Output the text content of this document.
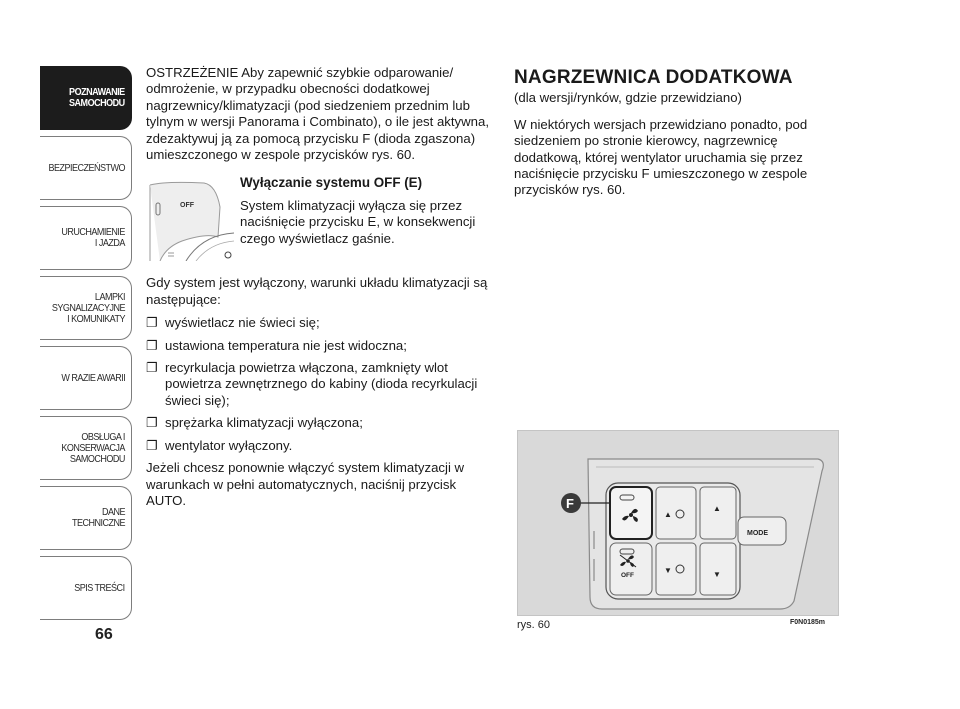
POZNAWANIE
SAMOCHODU
BEZPIECZEŃSTWO
URUCHAMIENIE
I JAZDA
LAMPKI
SYGNALIZACYJNE
I KOMUNIKATY
W RAZIE AWARII
OBSŁUGA I
KONSERWACJA
SAMOCHODU
DANE TECHNICZNE
SPIS TREŚCI
66

OSTRZEŻENIE Aby zapewnić szybkie odparowanie/ odmrożenie, w przypadku obecności dodatkowej nagrzewnicy/klimatyzacji (pod siedzeniem przednim lub tylnym w wersji Panorama i Combinato), o ile jest aktywna, zdezaktywuj ją za pomocą przycisku F (dioda zgaszona) umieszczonego w zespole przycisków rys. 60.

OFF
Wyłączanie systemu OFF (E)
System klimatyzacji wyłącza się przez naciśnięcie przycisku E, w konsekwencji czego wyświetlacz gaśnie.

Gdy system jest wyłączony, warunki układu klimatyzacji są następujące:

❐ wyświetlacz nie świeci się;

❐ ustawiona temperatura nie jest widoczna;

❐ recyrkulacja powietrza włączona, zamknięty wlot powietrza zewnętrznego do kabiny (dioda recyrkulacji świeci się);

❐ sprężarka klimatyzacji wyłączona;

❐ wentylator wyłączony.

Jeżeli chcesz ponownie włączyć system klimatyzacji w warunkach w pełni automatycznych, naciśnij przycisk AUTO.

NAGRZEWNICA DODATKOWA

(dla wersji/rynków, gdzie przewidziano)

W niektórych wersjach przewidziano ponadto, pod siedzeniem po stronie kierowcy, nagrzewnicę dodatkową, której wentylator uruchamia się przez naciśnięcie przycisku F umieszczonego w zespole przycisków rys. 60.

▲
▲
OFF
▼	▼
MODE
F
rys. 60	F0N0185m
